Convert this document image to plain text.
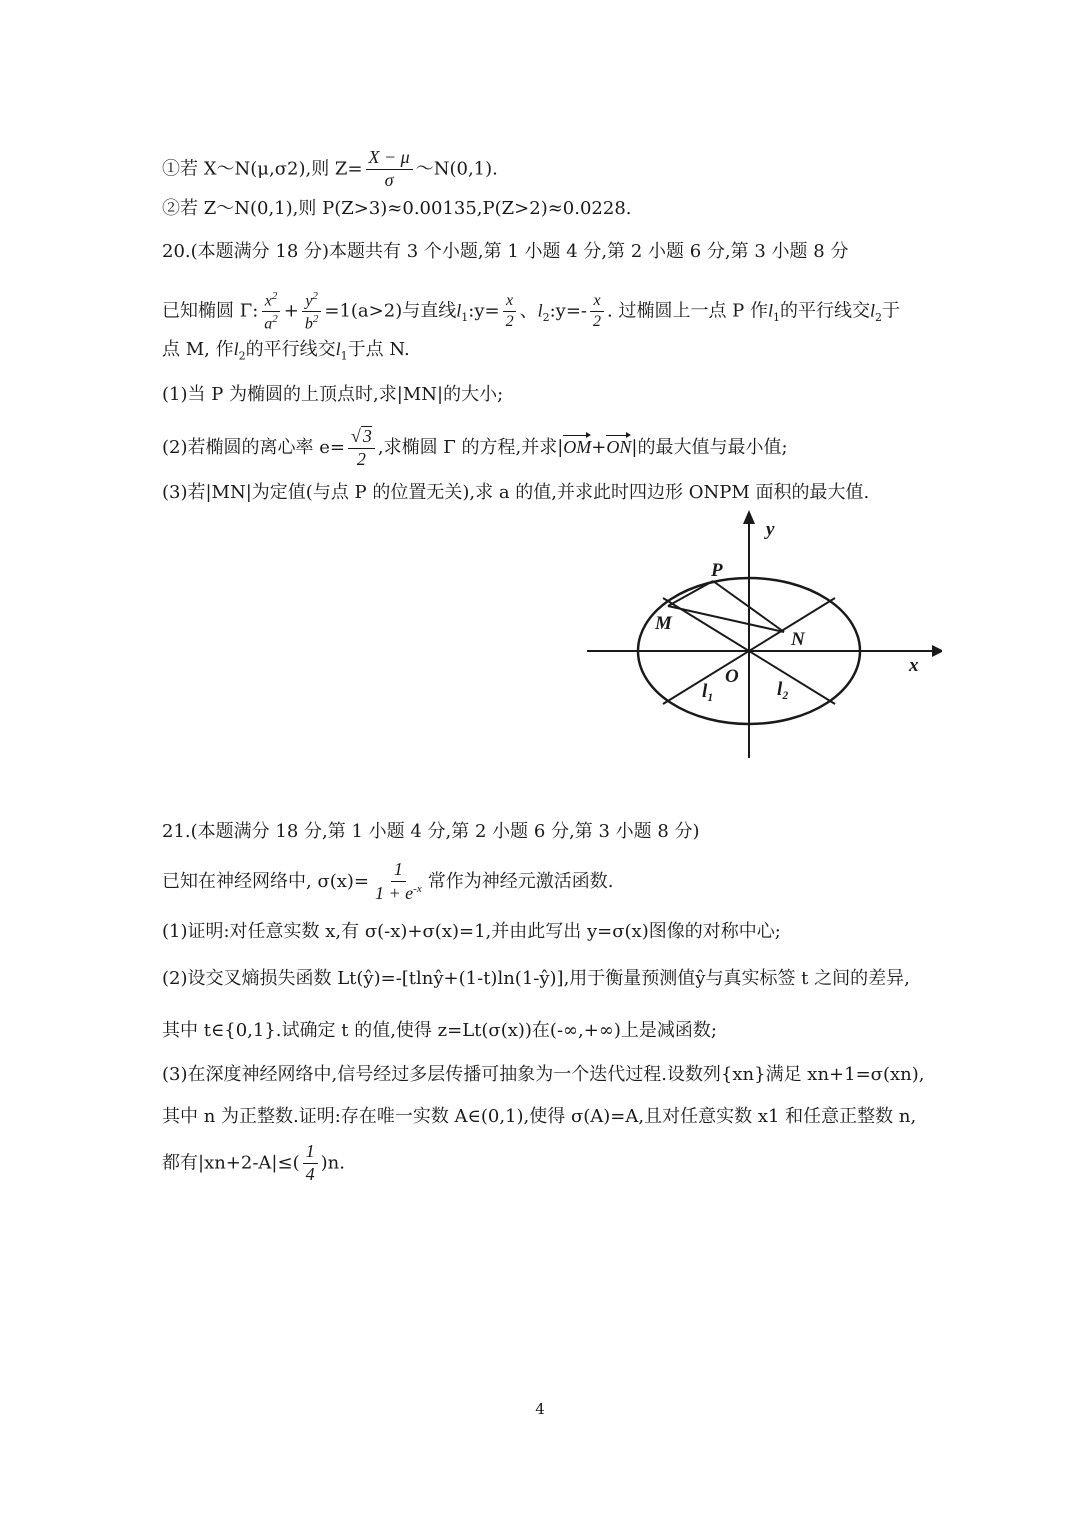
①若 X～N(μ,σ2),则 $Z= \frac{X - \mu}{\sigma}$ ～N(0,1).
②若 Z～N(0,1),则 P(Z>3)≈0.00135,P(Z>2)≈0.0228.
20.(本题满分 18 分)本题共有 3 个小题,第 1 小题 4 分,第 2 小题 6 分,第 3 小题 8 分
已知椭圆 Γ: $\frac{x^2}{a^2} + \frac{y^2}{b^2} =1(a>2)$与直线$l_1:y= \frac{x}{2}$ 、$l_2:y=- \frac{x}{2}$ . 过椭圆上一点 P 作$l_1$的平行线交$l_2$于
点 M, 作$l_2$的平行线交$l_1$于点 N.
(1)当 P 为椭圆的上顶点时,求|MN|的大小;
(2)若椭圆的离心率 $e= \frac{√ 3}{2}$ ,求椭圆 Γ 的方程,并求|OM+ON|的最大值与最小值;
(3)若|MN|为定值(与点 P 的位置无关),求 a 的值,并求此时四边形 ONPM 面积的最大值.
y
x
P
M
N
O
l₁	l₂
21.(本题满分 18 分,第 1 小题 4 分,第 2 小题 6 分,第 3 小题 8 分)
已知在神经网络中, $\sigma(x)= \frac{1}{1 + e^{-x}}$ 常作为神经元激活函数.
(1)证明:对任意实数 x,有 σ(-x)+σ(x)=1,并由此写出 y=σ(x)图像的对称中心;
(2)设交叉熵损失函数 Lt(ŷ)=-[tlnŷ+(1-t)ln(1-ŷ)],用于衡量预测值ŷ与真实标签 t 之间的差异,
其中 t∈{0,1}.试确定 t 的值,使得 z=Lt(σ(x))在(-∞,+∞)上是减函数;
(3)在深度神经网络中,信号经过多层传播可抽象为一个迭代过程.设数列{xn}满足 xn+1=σ(xn),
其中 n 为正整数.证明:存在唯一实数 A∈(0,1),使得 σ(A)=A,且对任意实数 x1 和任意正整数 n,
都有$|xn+2-A|\le( \frac{1}{4} )n$.
4
